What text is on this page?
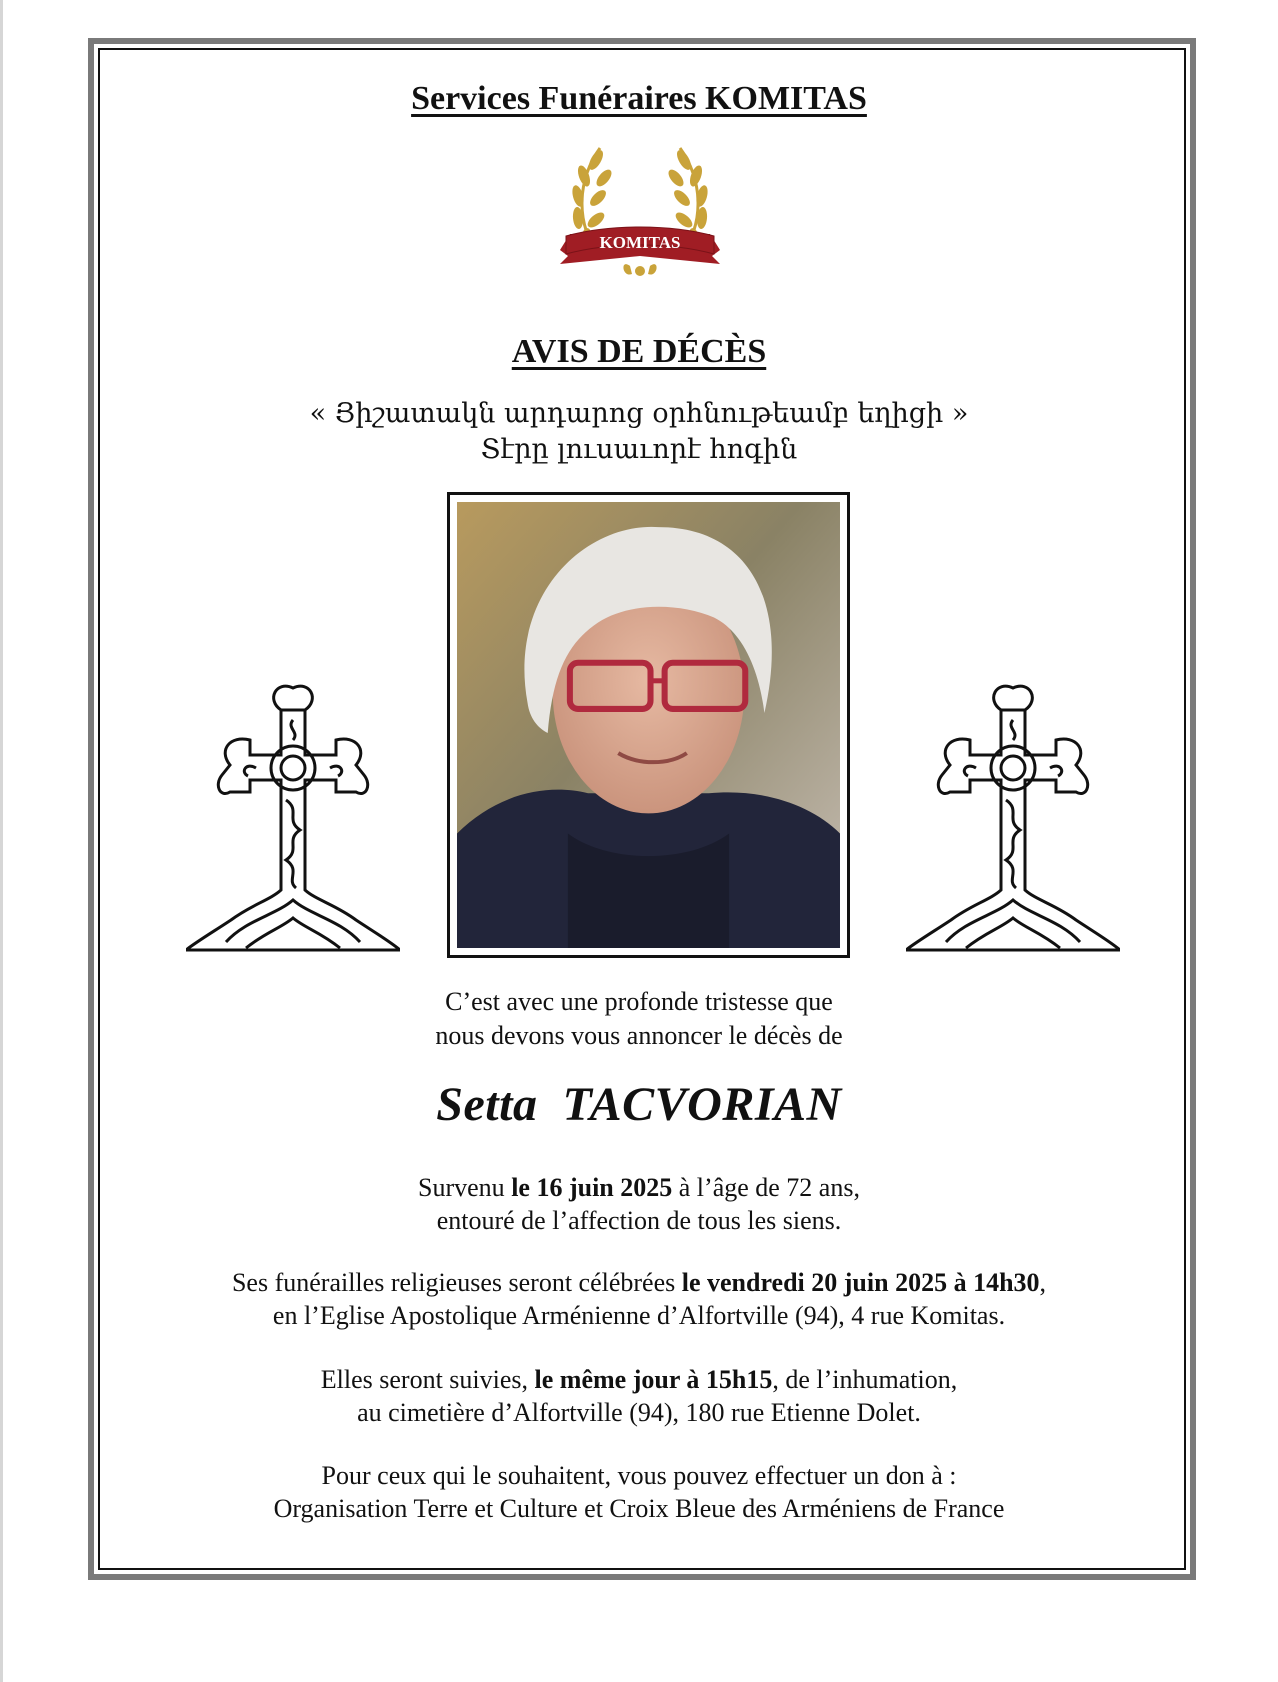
Services Funéraires KOMITAS
KOMITAS
AVIS DE DÉCÈS
« Յիշատակն արդարոց օրհնութեամբ եղիցի »
Տէրը լուսաւորէ հոգին
C’est avec une profonde tristesse que
nous devons vous annoncer le décès de
Setta TACVORIAN
Survenu le 16 juin 2025 à l’âge de 72 ans,
entouré de l’affection de tous les siens.
Ses funérailles religieuses seront célébrées le vendredi 20 juin 2025 à 14h30,
en l’Eglise Apostolique Arménienne d’Alfortville (94), 4 rue Komitas.
Elles seront suivies, le même jour à 15h15, de l’inhumation,
au cimetière d’Alfortville (94), 180 rue Etienne Dolet.
Pour ceux qui le souhaitent, vous pouvez effectuer un don à :
Organisation Terre et Culture et Croix Bleue des Arméniens de France
